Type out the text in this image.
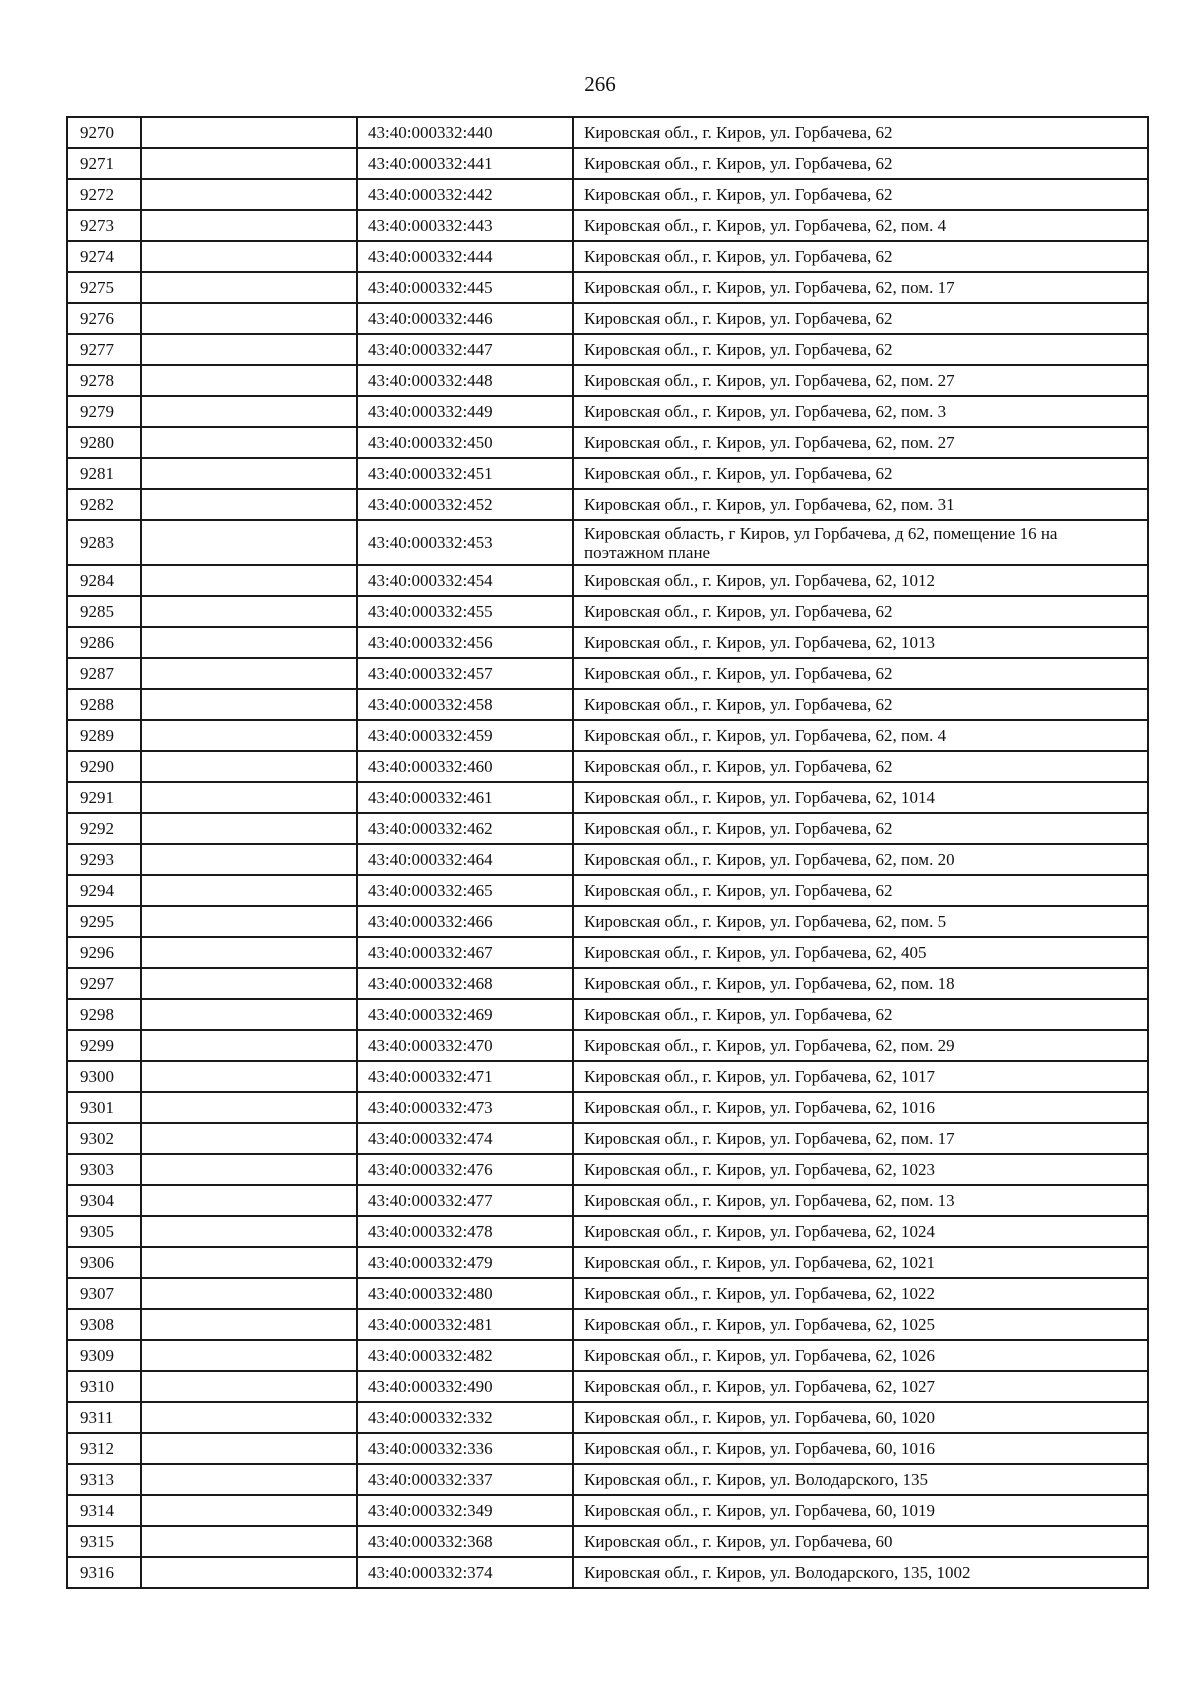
266
9270		43:40:000332:440	Кировская обл., г. Киров, ул. Горбачева, 62
9271		43:40:000332:441	Кировская обл., г. Киров, ул. Горбачева, 62
9272		43:40:000332:442	Кировская обл., г. Киров, ул. Горбачева, 62
9273		43:40:000332:443	Кировская обл., г. Киров, ул. Горбачева, 62, пом. 4
9274		43:40:000332:444	Кировская обл., г. Киров, ул. Горбачева, 62
9275		43:40:000332:445	Кировская обл., г. Киров, ул. Горбачева, 62, пом. 17
9276		43:40:000332:446	Кировская обл., г. Киров, ул. Горбачева, 62
9277		43:40:000332:447	Кировская обл., г. Киров, ул. Горбачева, 62
9278		43:40:000332:448	Кировская обл., г. Киров, ул. Горбачева, 62, пом. 27
9279		43:40:000332:449	Кировская обл., г. Киров, ул. Горбачева, 62, пом. 3
9280		43:40:000332:450	Кировская обл., г. Киров, ул. Горбачева, 62, пом. 27
9281		43:40:000332:451	Кировская обл., г. Киров, ул. Горбачева, 62
9282		43:40:000332:452	Кировская обл., г. Киров, ул. Горбачева, 62, пом. 31
9283		43:40:000332:453	Кировская область, г Киров, ул Горбачева, д 62, помещение 16 на поэтажном плане
9284		43:40:000332:454	Кировская обл., г. Киров, ул. Горбачева, 62, 1012
9285		43:40:000332:455	Кировская обл., г. Киров, ул. Горбачева, 62
9286		43:40:000332:456	Кировская обл., г. Киров, ул. Горбачева, 62, 1013
9287		43:40:000332:457	Кировская обл., г. Киров, ул. Горбачева, 62
9288		43:40:000332:458	Кировская обл., г. Киров, ул. Горбачева, 62
9289		43:40:000332:459	Кировская обл., г. Киров, ул. Горбачева, 62, пом. 4
9290		43:40:000332:460	Кировская обл., г. Киров, ул. Горбачева, 62
9291		43:40:000332:461	Кировская обл., г. Киров, ул. Горбачева, 62, 1014
9292		43:40:000332:462	Кировская обл., г. Киров, ул. Горбачева, 62
9293		43:40:000332:464	Кировская обл., г. Киров, ул. Горбачева, 62, пом. 20
9294		43:40:000332:465	Кировская обл., г. Киров, ул. Горбачева, 62
9295		43:40:000332:466	Кировская обл., г. Киров, ул. Горбачева, 62, пом. 5
9296		43:40:000332:467	Кировская обл., г. Киров, ул. Горбачева, 62, 405
9297		43:40:000332:468	Кировская обл., г. Киров, ул. Горбачева, 62, пом. 18
9298		43:40:000332:469	Кировская обл., г. Киров, ул. Горбачева, 62
9299		43:40:000332:470	Кировская обл., г. Киров, ул. Горбачева, 62, пом. 29
9300		43:40:000332:471	Кировская обл., г. Киров, ул. Горбачева, 62, 1017
9301		43:40:000332:473	Кировская обл., г. Киров, ул. Горбачева, 62, 1016
9302		43:40:000332:474	Кировская обл., г. Киров, ул. Горбачева, 62, пом. 17
9303		43:40:000332:476	Кировская обл., г. Киров, ул. Горбачева, 62, 1023
9304		43:40:000332:477	Кировская обл., г. Киров, ул. Горбачева, 62, пом. 13
9305		43:40:000332:478	Кировская обл., г. Киров, ул. Горбачева, 62, 1024
9306		43:40:000332:479	Кировская обл., г. Киров, ул. Горбачева, 62, 1021
9307		43:40:000332:480	Кировская обл., г. Киров, ул. Горбачева, 62, 1022
9308		43:40:000332:481	Кировская обл., г. Киров, ул. Горбачева, 62, 1025
9309		43:40:000332:482	Кировская обл., г. Киров, ул. Горбачева, 62, 1026
9310		43:40:000332:490	Кировская обл., г. Киров, ул. Горбачева, 62, 1027
9311		43:40:000332:332	Кировская обл., г. Киров, ул. Горбачева, 60, 1020
9312		43:40:000332:336	Кировская обл., г. Киров, ул. Горбачева, 60, 1016
9313		43:40:000332:337	Кировская обл., г. Киров, ул. Володарского, 135
9314		43:40:000332:349	Кировская обл., г. Киров, ул. Горбачева, 60, 1019
9315		43:40:000332:368	Кировская обл., г. Киров, ул. Горбачева, 60
9316		43:40:000332:374	Кировская обл., г. Киров, ул. Володарского, 135, 1002
